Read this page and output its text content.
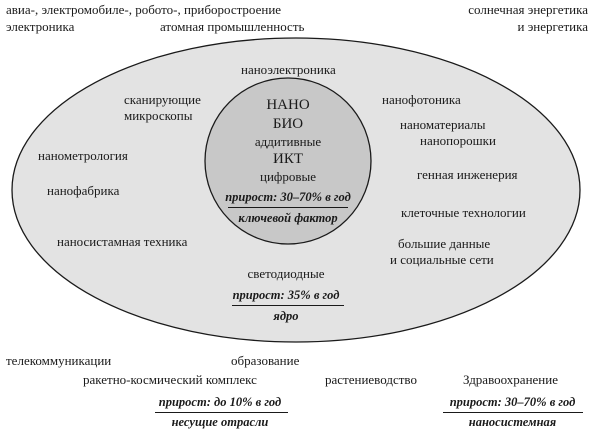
авиа-, электромобиле-, робото-, приборостроение
электроника	атомная промышленность
солнечная энергетика
и энергетика
наноэлектроника
сканирующие
микроскопы
нанофотоника
наноматериалы
нанопорошки
нанометрология
генная инженерия
нанофабрика
клеточные технологии
наносистамная техника	большие данные
и социальные сети
НАНО
БИО
аддитивные
ИКТ
цифровые
прирост: 30–70% в год
ключевой фактор
светодиодные
прирост: 35% в год
ядро
телекоммуникации	образование
ракетно-космический комплекс	растениеводство	Здравоохранение
прирост: до 10% в год
несущие отрасли
прирост: 30–70% в год
наносистемная
